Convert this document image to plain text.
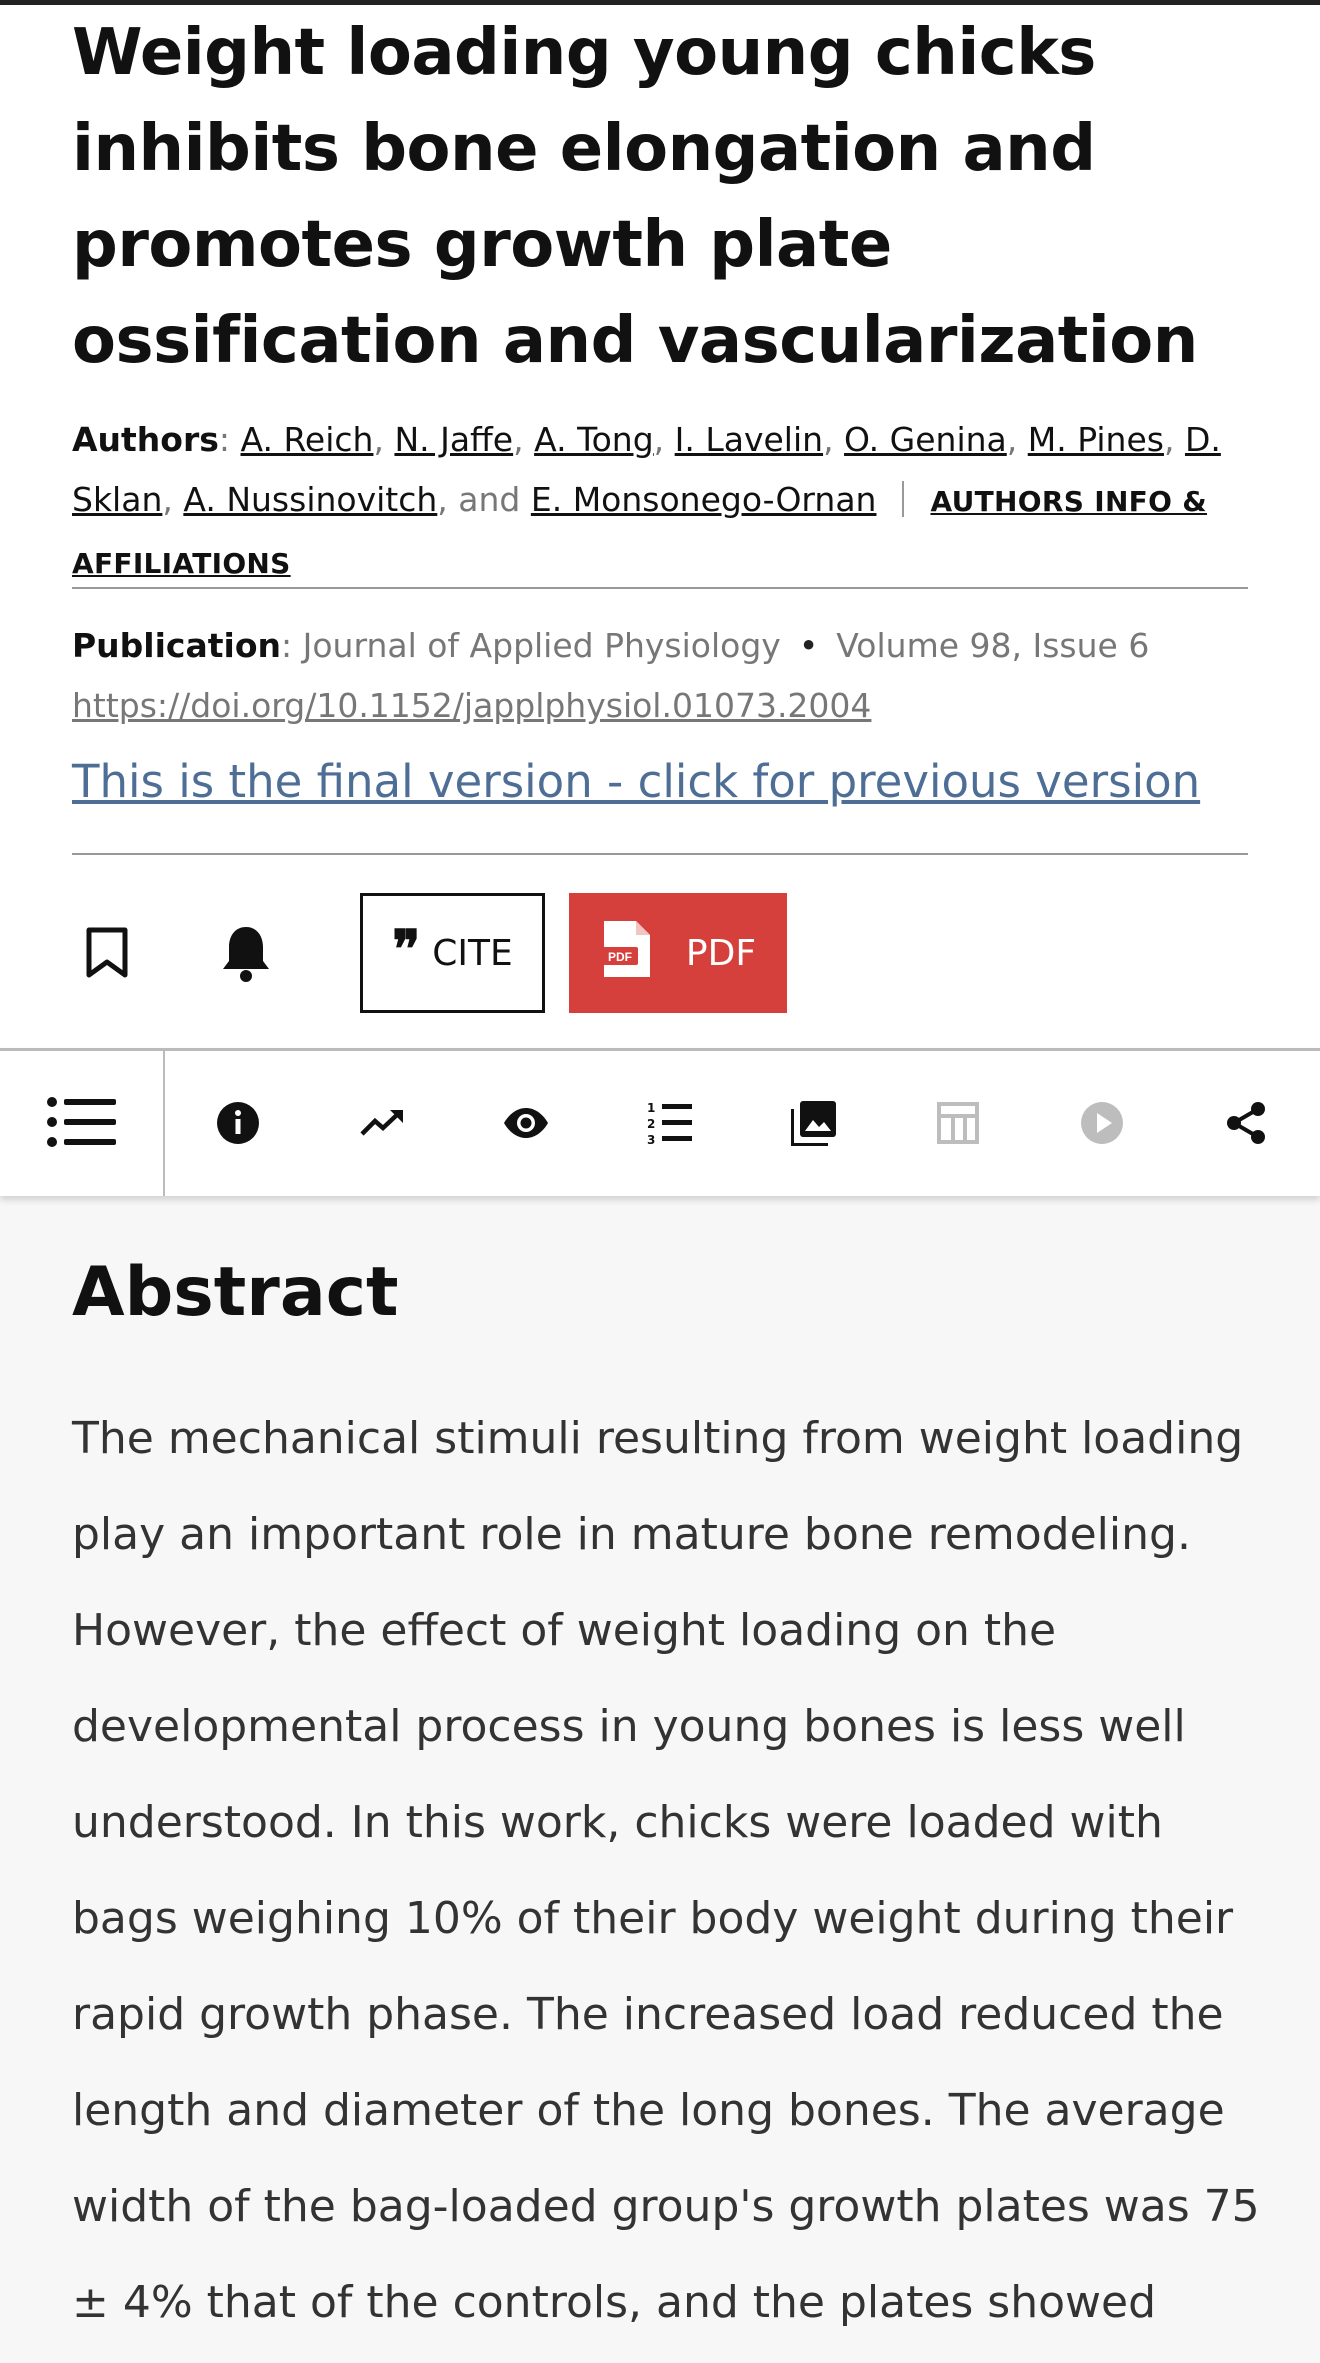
Weight loading young chicks inhibits bone elongation and promotes growth plate ossification and vascularization
Authors: A. Reich, N. Jaffe, A. Tong, I. Lavelin, O. Genina, M. Pines, D. Sklan, A. Nussinovitch, and E. Monsonego-Ornan AUTHORS INFO & AFFILIATIONS
Publication: Journal of Applied Physiology • Volume 98, Issue 6
https://doi.org/10.1152/japplphysiol.01073.2004
This is the final version - click for previous version
❞ CITE	PDF PDF
1
2
3
Abstract

The mechanical stimuli resulting from weight loading play an important role in mature bone remodeling. However, the effect of weight loading on the developmental process in young bones is less well understood. In this work, chicks were loaded with bags weighing 10% of their body weight during their rapid growth phase. The increased load reduced the length and diameter of the long bones. The average width of the bag-loaded group's growth plates was 75 ± 4% that of the controls, and the plates showed
